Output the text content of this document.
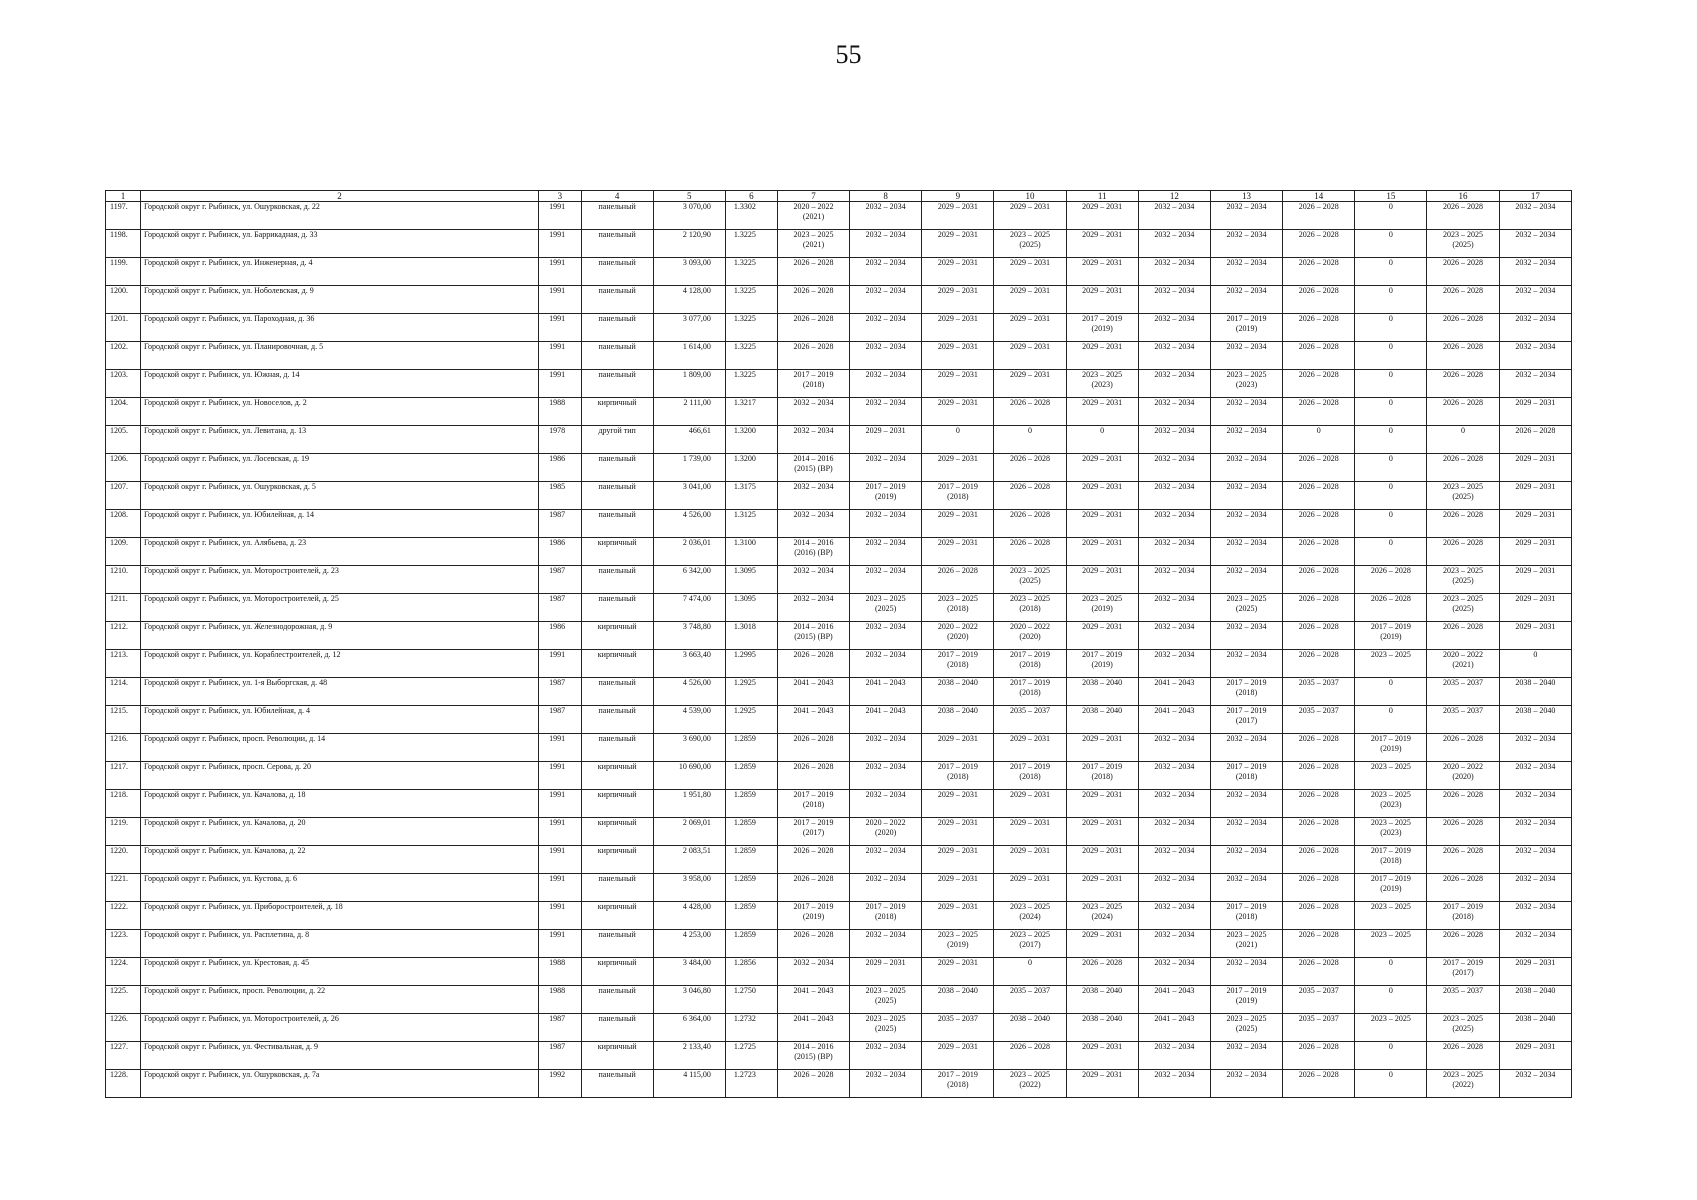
55
1	2	3	4	5	6	7	8	9	10	11	12	13	14	15	16	17

1197.	Городской округ г. Рыбинск, ул. Ошурковская, д. 22	1991	панельный	3 070,00	1.3302	2020 – 2022
(2021)	2032 – 2034	2029 – 2031	2029 – 2031	2029 – 2031	2032 – 2034	2032 – 2034	2026 – 2028	0	2026 – 2028	2032 – 2034

1198.	Городской округ г. Рыбинск, ул. Баррикадная, д. 33	1991	панельный	2 120,90	1.3225	2023 – 2025
(2021)	2032 – 2034	2029 – 2031	2023 – 2025
(2025)	2029 – 2031	2032 – 2034	2032 – 2034	2026 – 2028	0	2023 – 2025
(2025)	2032 – 2034

1199.	Городской округ г. Рыбинск, ул. Инженерная, д. 4	1991	панельный	3 093,00	1.3225	2026 – 2028	2032 – 2034	2029 – 2031	2029 – 2031	2029 – 2031	2032 – 2034	2032 – 2034	2026 – 2028	0	2026 – 2028	2032 – 2034

1200.	Городской округ г. Рыбинск, ул. Ноболевская, д. 9	1991	панельный	4 128,00	1.3225	2026 – 2028	2032 – 2034	2029 – 2031	2029 – 2031	2029 – 2031	2032 – 2034	2032 – 2034	2026 – 2028	0	2026 – 2028	2032 – 2034

1201.	Городской округ г. Рыбинск, ул. Пароходная, д. 36	1991	панельный	3 077,00	1.3225	2026 – 2028	2032 – 2034	2029 – 2031	2029 – 2031	2017 – 2019
(2019)	2032 – 2034	2017 – 2019
(2019)	2026 – 2028	0	2026 – 2028	2032 – 2034

1202.	Городской округ г. Рыбинск, ул. Планировочная, д. 5	1991	панельный	1 614,00	1.3225	2026 – 2028	2032 – 2034	2029 – 2031	2029 – 2031	2029 – 2031	2032 – 2034	2032 – 2034	2026 – 2028	0	2026 – 2028	2032 – 2034

1203.	Городской округ г. Рыбинск, ул. Южная, д. 14	1991	панельный	1 809,00	1.3225	2017 – 2019
(2018)	2032 – 2034	2029 – 2031	2029 – 2031	2023 – 2025
(2023)	2032 – 2034	2023 – 2025
(2023)	2026 – 2028	0	2026 – 2028	2032 – 2034

1204.	Городской округ г. Рыбинск, ул. Новоселов, д. 2	1988	кирпичный	2 111,00	1.3217	2032 – 2034	2032 – 2034	2029 – 2031	2026 – 2028	2029 – 2031	2032 – 2034	2032 – 2034	2026 – 2028	0	2026 – 2028	2029 – 2031

1205.	Городской округ г. Рыбинск, ул. Левитана, д. 13	1978	другой тип	466,61	1.3200	2032 – 2034	2029 – 2031	0	0	0	2032 – 2034	2032 – 2034	0	0	0	2026 – 2028

1206.	Городской округ г. Рыбинск, ул. Лосевская, д. 19	1986	панельный	1 739,00	1.3200	2014 – 2016
(2015) (ВР)	2032 – 2034	2029 – 2031	2026 – 2028	2029 – 2031	2032 – 2034	2032 – 2034	2026 – 2028	0	2026 – 2028	2029 – 2031

1207.	Городской округ г. Рыбинск, ул. Ошурковская, д. 5	1985	панельный	3 041,00	1.3175	2032 – 2034	2017 – 2019
(2019)	2017 – 2019
(2018)	2026 – 2028	2029 – 2031	2032 – 2034	2032 – 2034	2026 – 2028	0	2023 – 2025
(2025)	2029 – 2031

1208.	Городской округ г. Рыбинск, ул. Юбилейная, д. 14	1987	панельный	4 526,00	1.3125	2032 – 2034	2032 – 2034	2029 – 2031	2026 – 2028	2029 – 2031	2032 – 2034	2032 – 2034	2026 – 2028	0	2026 – 2028	2029 – 2031

1209.	Городской округ г. Рыбинск, ул. Алябьева, д. 23	1986	кирпичный	2 036,01	1.3100	2014 – 2016
(2016) (ВР)	2032 – 2034	2029 – 2031	2026 – 2028	2029 – 2031	2032 – 2034	2032 – 2034	2026 – 2028	0	2026 – 2028	2029 – 2031

1210.	Городской округ г. Рыбинск, ул. Моторостроителей, д. 23	1987	панельный	6 342,00	1.3095	2032 – 2034	2032 – 2034	2026 – 2028	2023 – 2025
(2025)	2029 – 2031	2032 – 2034	2032 – 2034	2026 – 2028	2026 – 2028	2023 – 2025
(2025)	2029 – 2031

1211.	Городской округ г. Рыбинск, ул. Моторостроителей, д. 25	1987	панельный	7 474,00	1.3095	2032 – 2034	2023 – 2025
(2025)	2023 – 2025
(2018)	2023 – 2025
(2018)	2023 – 2025
(2019)	2032 – 2034	2023 – 2025
(2025)	2026 – 2028	2026 – 2028	2023 – 2025
(2025)	2029 – 2031

1212.	Городской округ г. Рыбинск, ул. Железнодорожная, д. 9	1986	кирпичный	3 748,80	1.3018	2014 – 2016
(2015) (ВР)	2032 – 2034	2020 – 2022
(2020)	2020 – 2022
(2020)	2029 – 2031	2032 – 2034	2032 – 2034	2026 – 2028	2017 – 2019
(2019)	2026 – 2028	2029 – 2031

1213.	Городской округ г. Рыбинск, ул. Кораблестроителей, д. 12	1991	кирпичный	3 663,40	1.2995	2026 – 2028	2032 – 2034	2017 – 2019
(2018)	2017 – 2019
(2018)	2017 – 2019
(2019)	2032 – 2034	2032 – 2034	2026 – 2028	2023 – 2025	2020 – 2022
(2021)	0

1214.	Городской округ г. Рыбинск, ул. 1-я Выборгская, д. 48	1987	панельный	4 526,00	1.2925	2041 – 2043	2041 – 2043	2038 – 2040	2017 – 2019
(2018)	2038 – 2040	2041 – 2043	2017 – 2019
(2018)	2035 – 2037	0	2035 – 2037	2038 – 2040

1215.	Городской округ г. Рыбинск, ул. Юбилейная, д. 4	1987	панельный	4 539,00	1.2925	2041 – 2043	2041 – 2043	2038 – 2040	2035 – 2037	2038 – 2040	2041 – 2043	2017 – 2019
(2017)	2035 – 2037	0	2035 – 2037	2038 – 2040

1216.	Городской округ г. Рыбинск, просп. Революции, д. 14	1991	панельный	3 690,00	1.2859	2026 – 2028	2032 – 2034	2029 – 2031	2029 – 2031	2029 – 2031	2032 – 2034	2032 – 2034	2026 – 2028	2017 – 2019
(2019)	2026 – 2028	2032 – 2034

1217.	Городской округ г. Рыбинск, просп. Серова, д. 20	1991	кирпичный	10 690,00	1.2859	2026 – 2028	2032 – 2034	2017 – 2019
(2018)	2017 – 2019
(2018)	2017 – 2019
(2018)	2032 – 2034	2017 – 2019
(2018)	2026 – 2028	2023 – 2025	2020 – 2022
(2020)	2032 – 2034

1218.	Городской округ г. Рыбинск, ул. Качалова, д. 18	1991	кирпичный	1 951,80	1.2859	2017 – 2019
(2018)	2032 – 2034	2029 – 2031	2029 – 2031	2029 – 2031	2032 – 2034	2032 – 2034	2026 – 2028	2023 – 2025
(2023)	2026 – 2028	2032 – 2034

1219.	Городской округ г. Рыбинск, ул. Качалова, д. 20	1991	кирпичный	2 069,01	1.2859	2017 – 2019
(2017)	2020 – 2022
(2020)	2029 – 2031	2029 – 2031	2029 – 2031	2032 – 2034	2032 – 2034	2026 – 2028	2023 – 2025
(2023)	2026 – 2028	2032 – 2034

1220.	Городской округ г. Рыбинск, ул. Качалова, д. 22	1991	кирпичный	2 083,51	1.2859	2026 – 2028	2032 – 2034	2029 – 2031	2029 – 2031	2029 – 2031	2032 – 2034	2032 – 2034	2026 – 2028	2017 – 2019
(2018)	2026 – 2028	2032 – 2034

1221.	Городской округ г. Рыбинск, ул. Кустова, д. 6	1991	панельный	3 958,00	1.2859	2026 – 2028	2032 – 2034	2029 – 2031	2029 – 2031	2029 – 2031	2032 – 2034	2032 – 2034	2026 – 2028	2017 – 2019
(2019)	2026 – 2028	2032 – 2034

1222.	Городской округ г. Рыбинск, ул. Приборостроителей, д. 18	1991	кирпичный	4 428,00	1.2859	2017 – 2019
(2019)	2017 – 2019
(2018)	2029 – 2031	2023 – 2025
(2024)	2023 – 2025
(2024)	2032 – 2034	2017 – 2019
(2018)	2026 – 2028	2023 – 2025	2017 – 2019
(2018)	2032 – 2034

1223.	Городской округ г. Рыбинск, ул. Расплетина, д. 8	1991	панельный	4 253,00	1.2859	2026 – 2028	2032 – 2034	2023 – 2025
(2019)	2023 – 2025
(2017)	2029 – 2031	2032 – 2034	2023 – 2025
(2021)	2026 – 2028	2023 – 2025	2026 – 2028	2032 – 2034

1224.	Городской округ г. Рыбинск, ул. Крестовая, д. 45	1988	кирпичный	3 484,00	1.2856	2032 – 2034	2029 – 2031	2029 – 2031	0	2026 – 2028	2032 – 2034	2032 – 2034	2026 – 2028	0	2017 – 2019
(2017)	2029 – 2031

1225.	Городской округ г. Рыбинск, просп. Революции, д. 22	1988	панельный	3 046,80	1.2750	2041 – 2043	2023 – 2025
(2025)	2038 – 2040	2035 – 2037	2038 – 2040	2041 – 2043	2017 – 2019
(2019)	2035 – 2037	0	2035 – 2037	2038 – 2040

1226.	Городской округ г. Рыбинск, ул. Моторостроителей, д. 26	1987	панельный	6 364,00	1.2732	2041 – 2043	2023 – 2025
(2025)	2035 – 2037	2038 – 2040	2038 – 2040	2041 – 2043	2023 – 2025
(2025)	2035 – 2037	2023 – 2025	2023 – 2025
(2025)	2038 – 2040

1227.	Городской округ г. Рыбинск, ул. Фестивальная, д. 9	1987	кирпичный	2 133,40	1.2725	2014 – 2016
(2015) (ВР)	2032 – 2034	2029 – 2031	2026 – 2028	2029 – 2031	2032 – 2034	2032 – 2034	2026 – 2028	0	2026 – 2028	2029 – 2031

1228.	Городской округ г. Рыбинск, ул. Ошурковская, д. 7а	1992	панельный	4 115,00	1.2723	2026 – 2028	2032 – 2034	2017 – 2019
(2018)	2023 – 2025
(2022)	2029 – 2031	2032 – 2034	2032 – 2034	2026 – 2028	0	2023 – 2025
(2022)	2032 – 2034
